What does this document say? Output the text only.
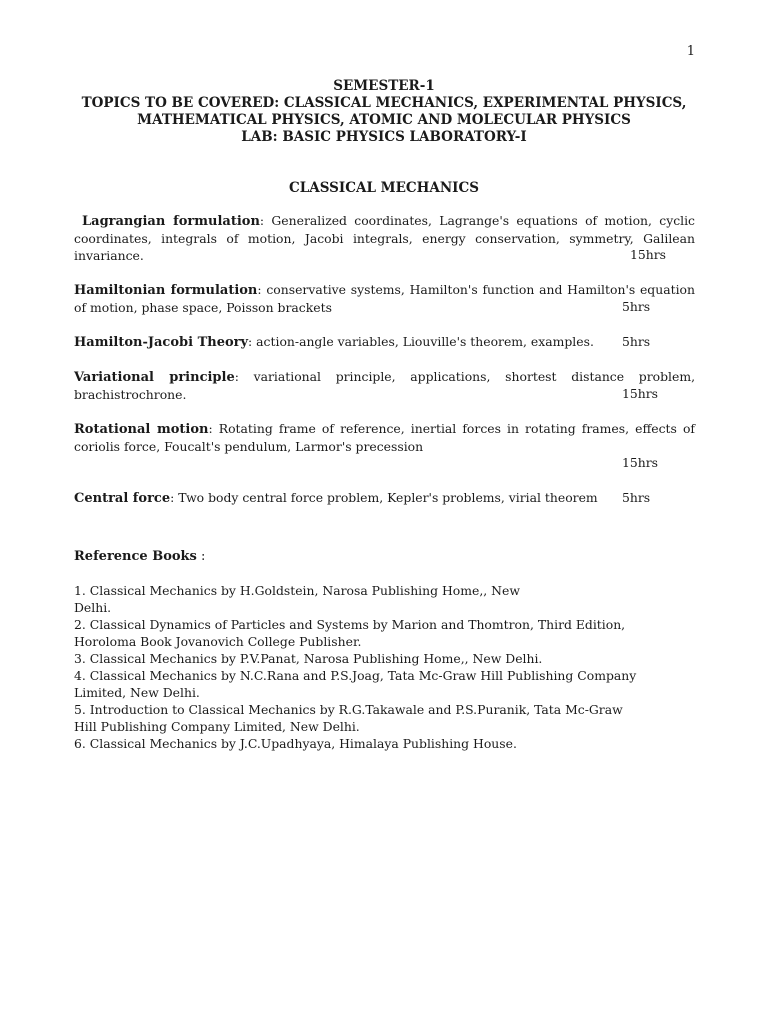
1
SEMESTER-1
TOPICS TO BE COVERED: CLASSICAL MECHANICS, EXPERIMENTAL PHYSICS,
MATHEMATICAL PHYSICS, ATOMIC AND MOLECULAR PHYSICS
LAB: BASIC PHYSICS LABORATORY-I
CLASSICAL MECHANICS
Lagrangian formulation: Generalized coordinates, Lagrange's equations of motion, cyclic coordinates, integrals of motion, Jacobi integrals, energy conservation, symmetry, Galilean invariance.	15hrs
Hamiltonian formulation: conservative systems, Hamilton's function and Hamilton's equation of motion, phase space, Poisson brackets	5hrs
Hamilton-Jacobi Theory: action-angle variables, Liouville's theorem, examples. 5hrs
Variational principle: variational principle, applications, shortest distance problem, brachistrochrone.	15hrs
Rotational motion: Rotating frame of reference, inertial forces in rotating frames, effects of coriolis force, Foucalt's pendulum, Larmor's precession
15hrs
Central force: Two body central force problem, Kepler's problems, virial theorem 5hrs
Reference Books :
1. Classical Mechanics by H.Goldstein, Narosa Publishing Home,, New Delhi.
2. Classical Dynamics of Particles and Systems by Marion and Thomtron, Third Edition, Horoloma Book Jovanovich College Publisher.
3. Classical Mechanics by P.V.Panat, Narosa Publishing Home,, New Delhi.
4. Classical Mechanics by N.C.Rana and P.S.Joag, Tata Mc-Graw Hill Publishing Company Limited, New Delhi.
5. Introduction to Classical Mechanics by R.G.Takawale and P.S.Puranik, Tata Mc-Graw Hill Publishing Company Limited, New Delhi.
6. Classical Mechanics by J.C.Upadhyaya, Himalaya Publishing House.
